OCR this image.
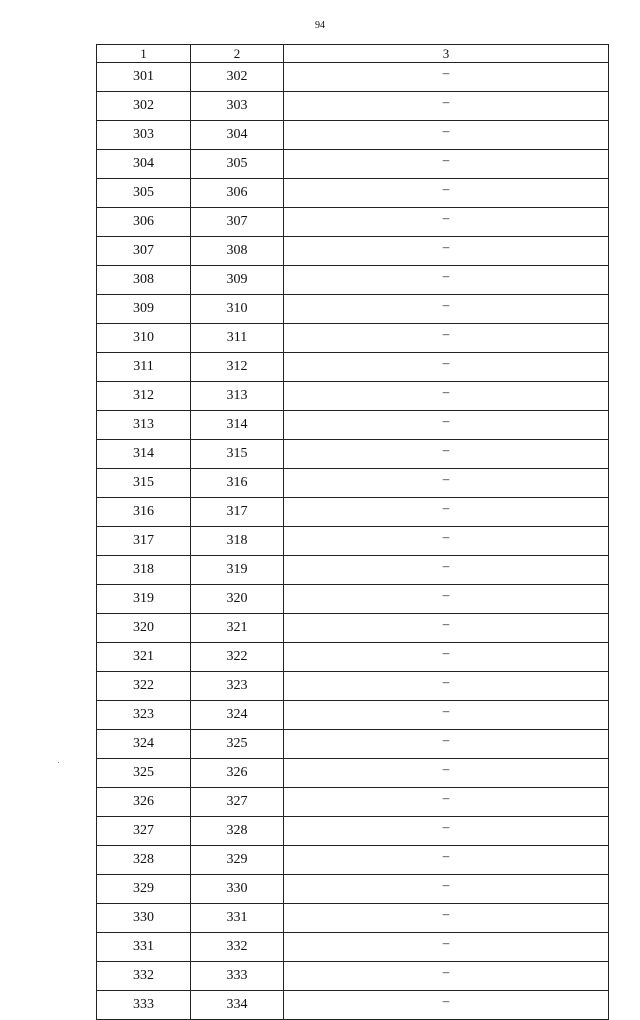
94
1	2	3
301	302	–
302	303	–
303	304	–
304	305	–
305	306	–
306	307	–
307	308	–
308	309	–
309	310	–
310	311	–
311	312	–
312	313	–
313	314	–
314	315	–
315	316	–
316	317	–
317	318	–
318	319	–
319	320	–
320	321	–
321	322	–
322	323	–
323	324	–
324	325	–
325	326	–
326	327	–
327	328	–
328	329	–
329	330	–
330	331	–
331	332	–
332	333	–
333	334	–
